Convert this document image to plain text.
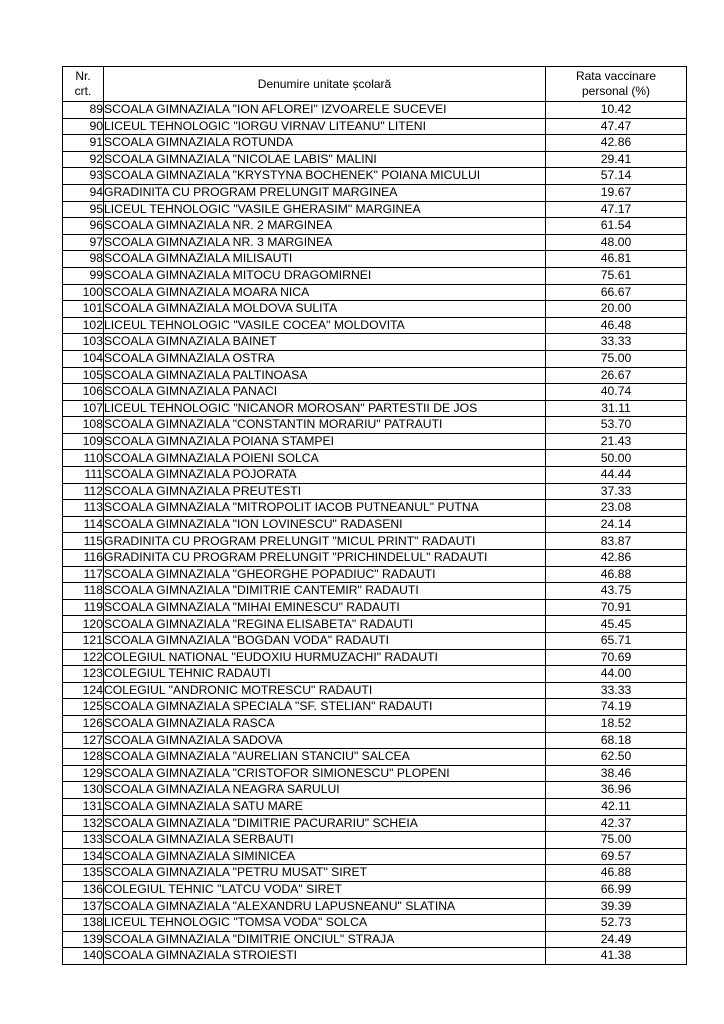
Nr.
crt.	Denumire unitate școlară	Rata vaccinare
personal (%)

89	SCOALA GIMNAZIALA "ION AFLOREI" IZVOARELE SUCEVEI	10.42
90	LICEUL TEHNOLOGIC "IORGU VIRNAV LITEANU" LITENI	47.47
91	SCOALA GIMNAZIALA ROTUNDA	42.86
92	SCOALA GIMNAZIALA "NICOLAE LABIS" MALINI	29.41
93	SCOALA GIMNAZIALA "KRYSTYNA BOCHENEK" POIANA MICULUI	57.14
94	GRADINITA CU PROGRAM PRELUNGIT MARGINEA	19.67
95	LICEUL TEHNOLOGIC "VASILE GHERASIM" MARGINEA	47.17
96	SCOALA GIMNAZIALA NR. 2 MARGINEA	61.54
97	SCOALA GIMNAZIALA NR. 3 MARGINEA	48.00
98	SCOALA GIMNAZIALA MILISAUTI	46.81
99	SCOALA GIMNAZIALA MITOCU DRAGOMIRNEI	75.61
100	SCOALA GIMNAZIALA MOARA NICA	66.67
101	SCOALA GIMNAZIALA MOLDOVA SULITA	20.00
102	LICEUL TEHNOLOGIC "VASILE COCEA" MOLDOVITA	46.48
103	SCOALA GIMNAZIALA BAINET	33.33
104	SCOALA GIMNAZIALA OSTRA	75.00
105	SCOALA GIMNAZIALA PALTINOASA	26.67
106	SCOALA GIMNAZIALA PANACI	40.74
107	LICEUL TEHNOLOGIC "NICANOR MOROSAN" PARTESTII DE JOS	31.11
108	SCOALA GIMNAZIALA "CONSTANTIN MORARIU" PATRAUTI	53.70
109	SCOALA GIMNAZIALA POIANA STAMPEI	21.43
110	SCOALA GIMNAZIALA POIENI SOLCA	50.00
111	SCOALA GIMNAZIALA POJORATA	44.44
112	SCOALA GIMNAZIALA PREUTESTI	37.33
113	SCOALA GIMNAZIALA "MITROPOLIT IACOB PUTNEANUL" PUTNA	23.08
114	SCOALA GIMNAZIALA "ION LOVINESCU" RADASENI	24.14
115	GRADINITA CU PROGRAM PRELUNGIT "MICUL PRINT" RADAUTI	83.87
116	GRADINITA CU PROGRAM PRELUNGIT "PRICHINDELUL" RADAUTI	42.86
117	SCOALA GIMNAZIALA "GHEORGHE POPADIUC" RADAUTI	46.88
118	SCOALA GIMNAZIALA "DIMITRIE CANTEMIR" RADAUTI	43.75
119	SCOALA GIMNAZIALA "MIHAI EMINESCU" RADAUTI	70.91
120	SCOALA GIMNAZIALA "REGINA ELISABETA" RADAUTI	45.45
121	SCOALA GIMNAZIALA "BOGDAN VODA" RADAUTI	65.71
122	COLEGIUL NATIONAL "EUDOXIU HURMUZACHI" RADAUTI	70.69
123	COLEGIUL TEHNIC RADAUTI	44.00
124	COLEGIUL "ANDRONIC MOTRESCU" RADAUTI	33.33
125	SCOALA GIMNAZIALA SPECIALA "SF. STELIAN" RADAUTI	74.19
126	SCOALA GIMNAZIALA RASCA	18.52
127	SCOALA GIMNAZIALA SADOVA	68.18
128	SCOALA GIMNAZIALA "AURELIAN STANCIU" SALCEA	62.50
129	SCOALA GIMNAZIALA "CRISTOFOR SIMIONESCU" PLOPENI	38.46
130	SCOALA GIMNAZIALA NEAGRA SARULUI	36.96
131	SCOALA GIMNAZIALA SATU MARE	42.11
132	SCOALA GIMNAZIALA "DIMITRIE PACURARIU" SCHEIA	42.37
133	SCOALA GIMNAZIALA SERBAUTI	75.00
134	SCOALA GIMNAZIALA SIMINICEA	69.57
135	SCOALA GIMNAZIALA "PETRU MUSAT" SIRET	46.88
136	COLEGIUL TEHNIC "LATCU VODA" SIRET	66.99
137	SCOALA GIMNAZIALA "ALEXANDRU LAPUSNEANU" SLATINA	39.39
138	LICEUL TEHNOLOGIC "TOMSA VODA" SOLCA	52.73
139	SCOALA GIMNAZIALA "DIMITRIE ONCIUL" STRAJA	24.49
140	SCOALA GIMNAZIALA STROIESTI	41.38
